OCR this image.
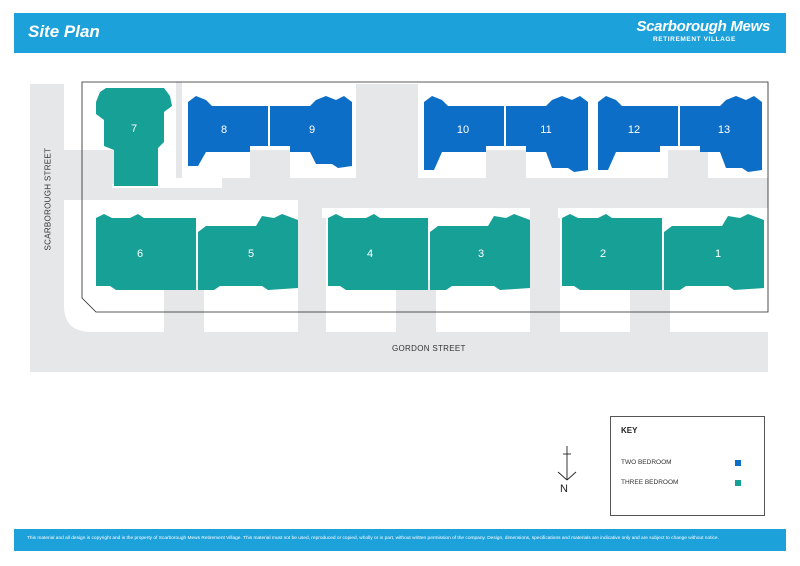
Site Plan	Scarborough Mews
RETIREMENT VILLAGE
SCARBOROUGH STREET
GORDON STREET
7	8	9	10	11	12	13
6	5	4	3	2	1
N
KEY
TWO BEDROOM
THREE BEDROOM
This material and all design is copyright and is the property of Scarborough Mews Retirement Village. This material must not be used, reproduced or copied, wholly or in part, without written permission of the company. Design, dimensions, specifications and materials are indicative only and are subject to change without notice.
